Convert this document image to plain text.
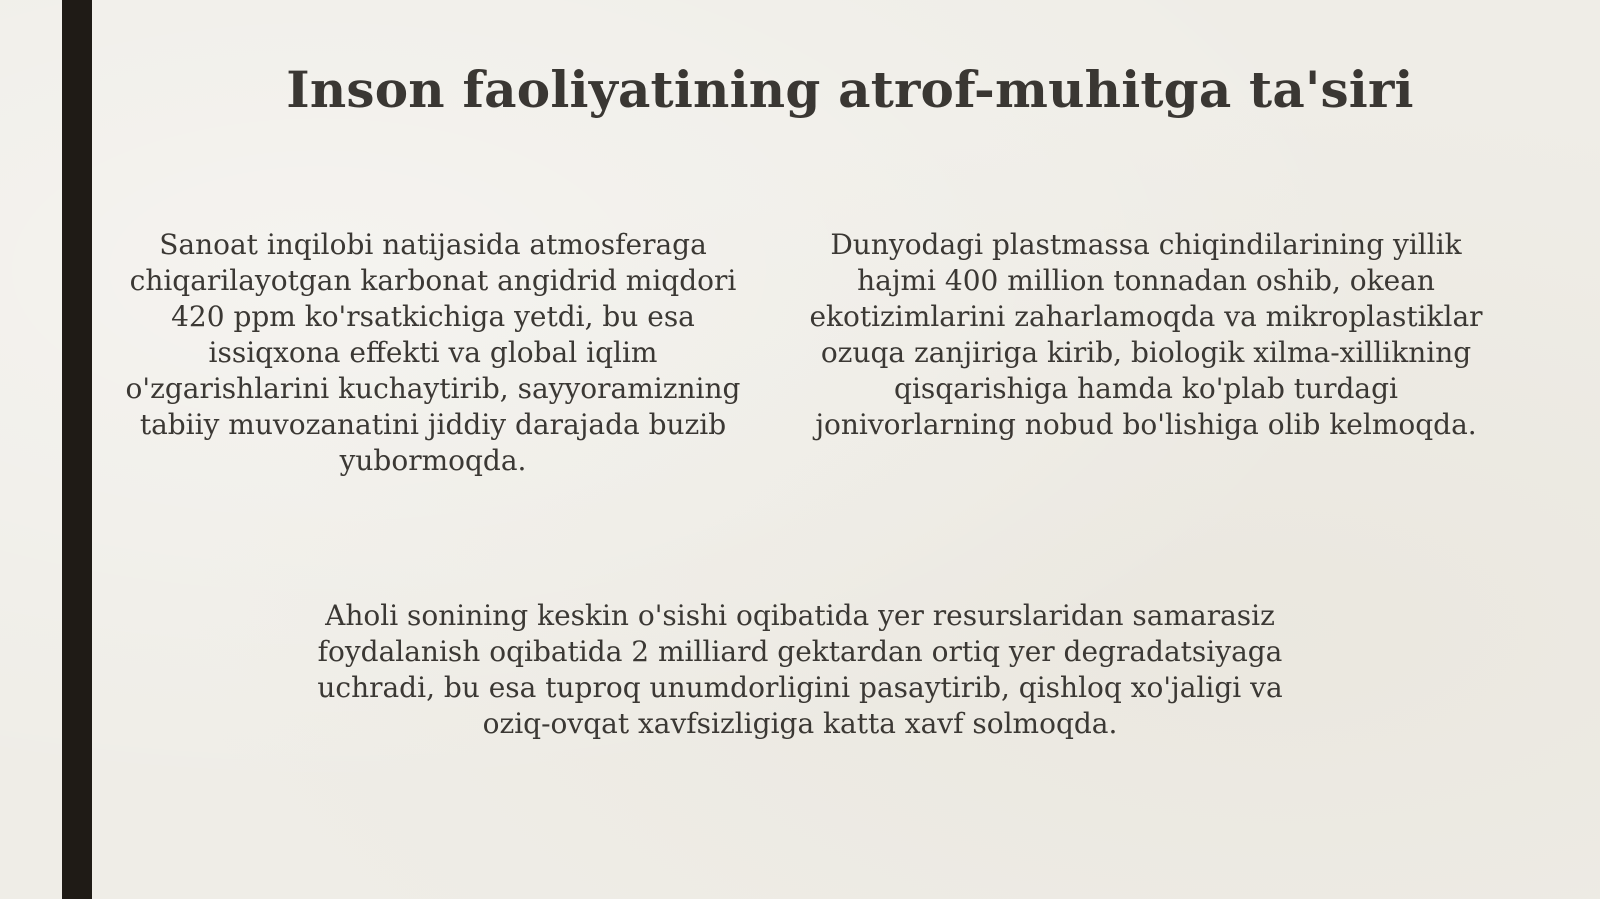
Inson faoliyatining atrof-muhitga ta'siri

Sanoat inqilobi natijasida atmosferaga chiqarilayotgan karbonat angidrid miqdori 420 ppm ko'rsatkichiga yetdi, bu esa issiqxona effekti va global iqlim o'zgarishlarini kuchaytirib, sayyoramizning tabiiy muvozanatini jiddiy darajada buzib yubormoqda.

Dunyodagi plastmassa chiqindilarining yillik hajmi 400 million tonnadan oshib, okean ekotizimlarini zaharlamoqda va mikroplastiklar ozuqa zanjiriga kirib, biologik xilma-xillikning qisqarishiga hamda ko'plab turdagi jonivorlarning nobud bo'lishiga olib kelmoqda.

Aholi sonining keskin o'sishi oqibatida yer resurslaridan samarasiz foydalanish oqibatida 2 milliard gektardan ortiq yer degradatsiyaga uchradi, bu esa tuproq unumdorligini pasaytirib, qishloq xo'jaligi va oziq-ovqat xavfsizligiga katta xavf solmoqda.
